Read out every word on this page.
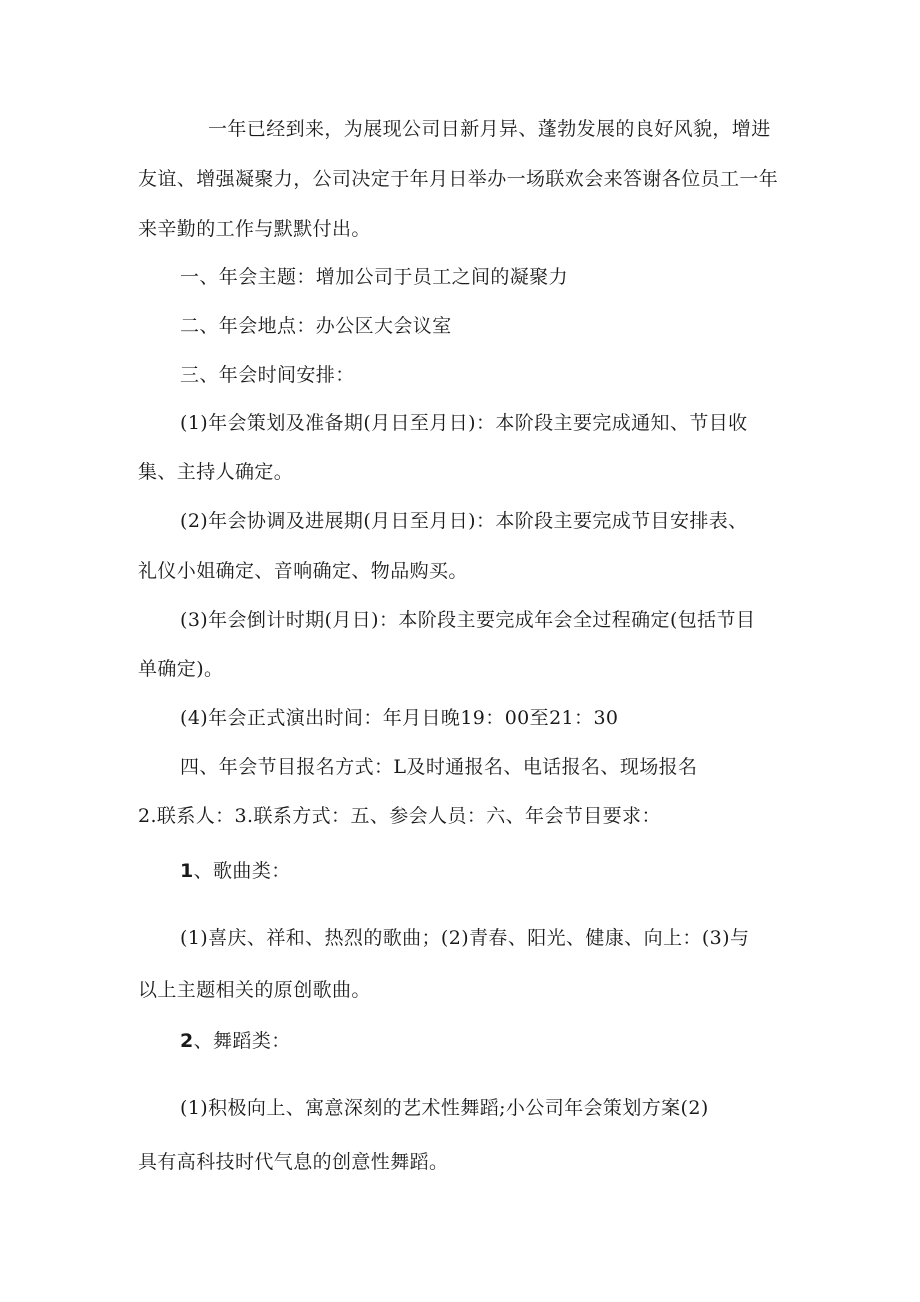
一年已经到来，为展现公司日新月异、蓬勃发展的良好风貌，增进
友谊、增强凝聚力，公司决定于年月日举办一场联欢会来答谢各位员工一年
来辛勤的工作与默默付出。
一、年会主题：增加公司于员工之间的凝聚力
二、年会地点：办公区大会议室
三、年会时间安排：
(1)年会策划及准备期(月日至月日)：本阶段主要完成通知、节目收
集、主持人确定。
(2)年会协调及进展期(月日至月日)：本阶段主要完成节目安排表、
礼仪小姐确定、音响确定、物品购买。
(3)年会倒计时期(月日)：本阶段主要完成年会全过程确定(包括节目
单确定)。
(4)年会正式演出时间：年月日晚19：00至21：30
四、年会节目报名方式：L及时通报名、电话报名、现场报名
2.联系人：3.联系方式：五、参会人员：六、年会节目要求：
1、歌曲类：
(1)喜庆、祥和、热烈的歌曲；(2)青春、阳光、健康、向上：(3)与
以上主题相关的原创歌曲。
2、舞蹈类：
(1)积极向上、寓意深刻的艺术性舞蹈;小公司年会策划方案(2)
具有高科技时代气息的创意性舞蹈。
